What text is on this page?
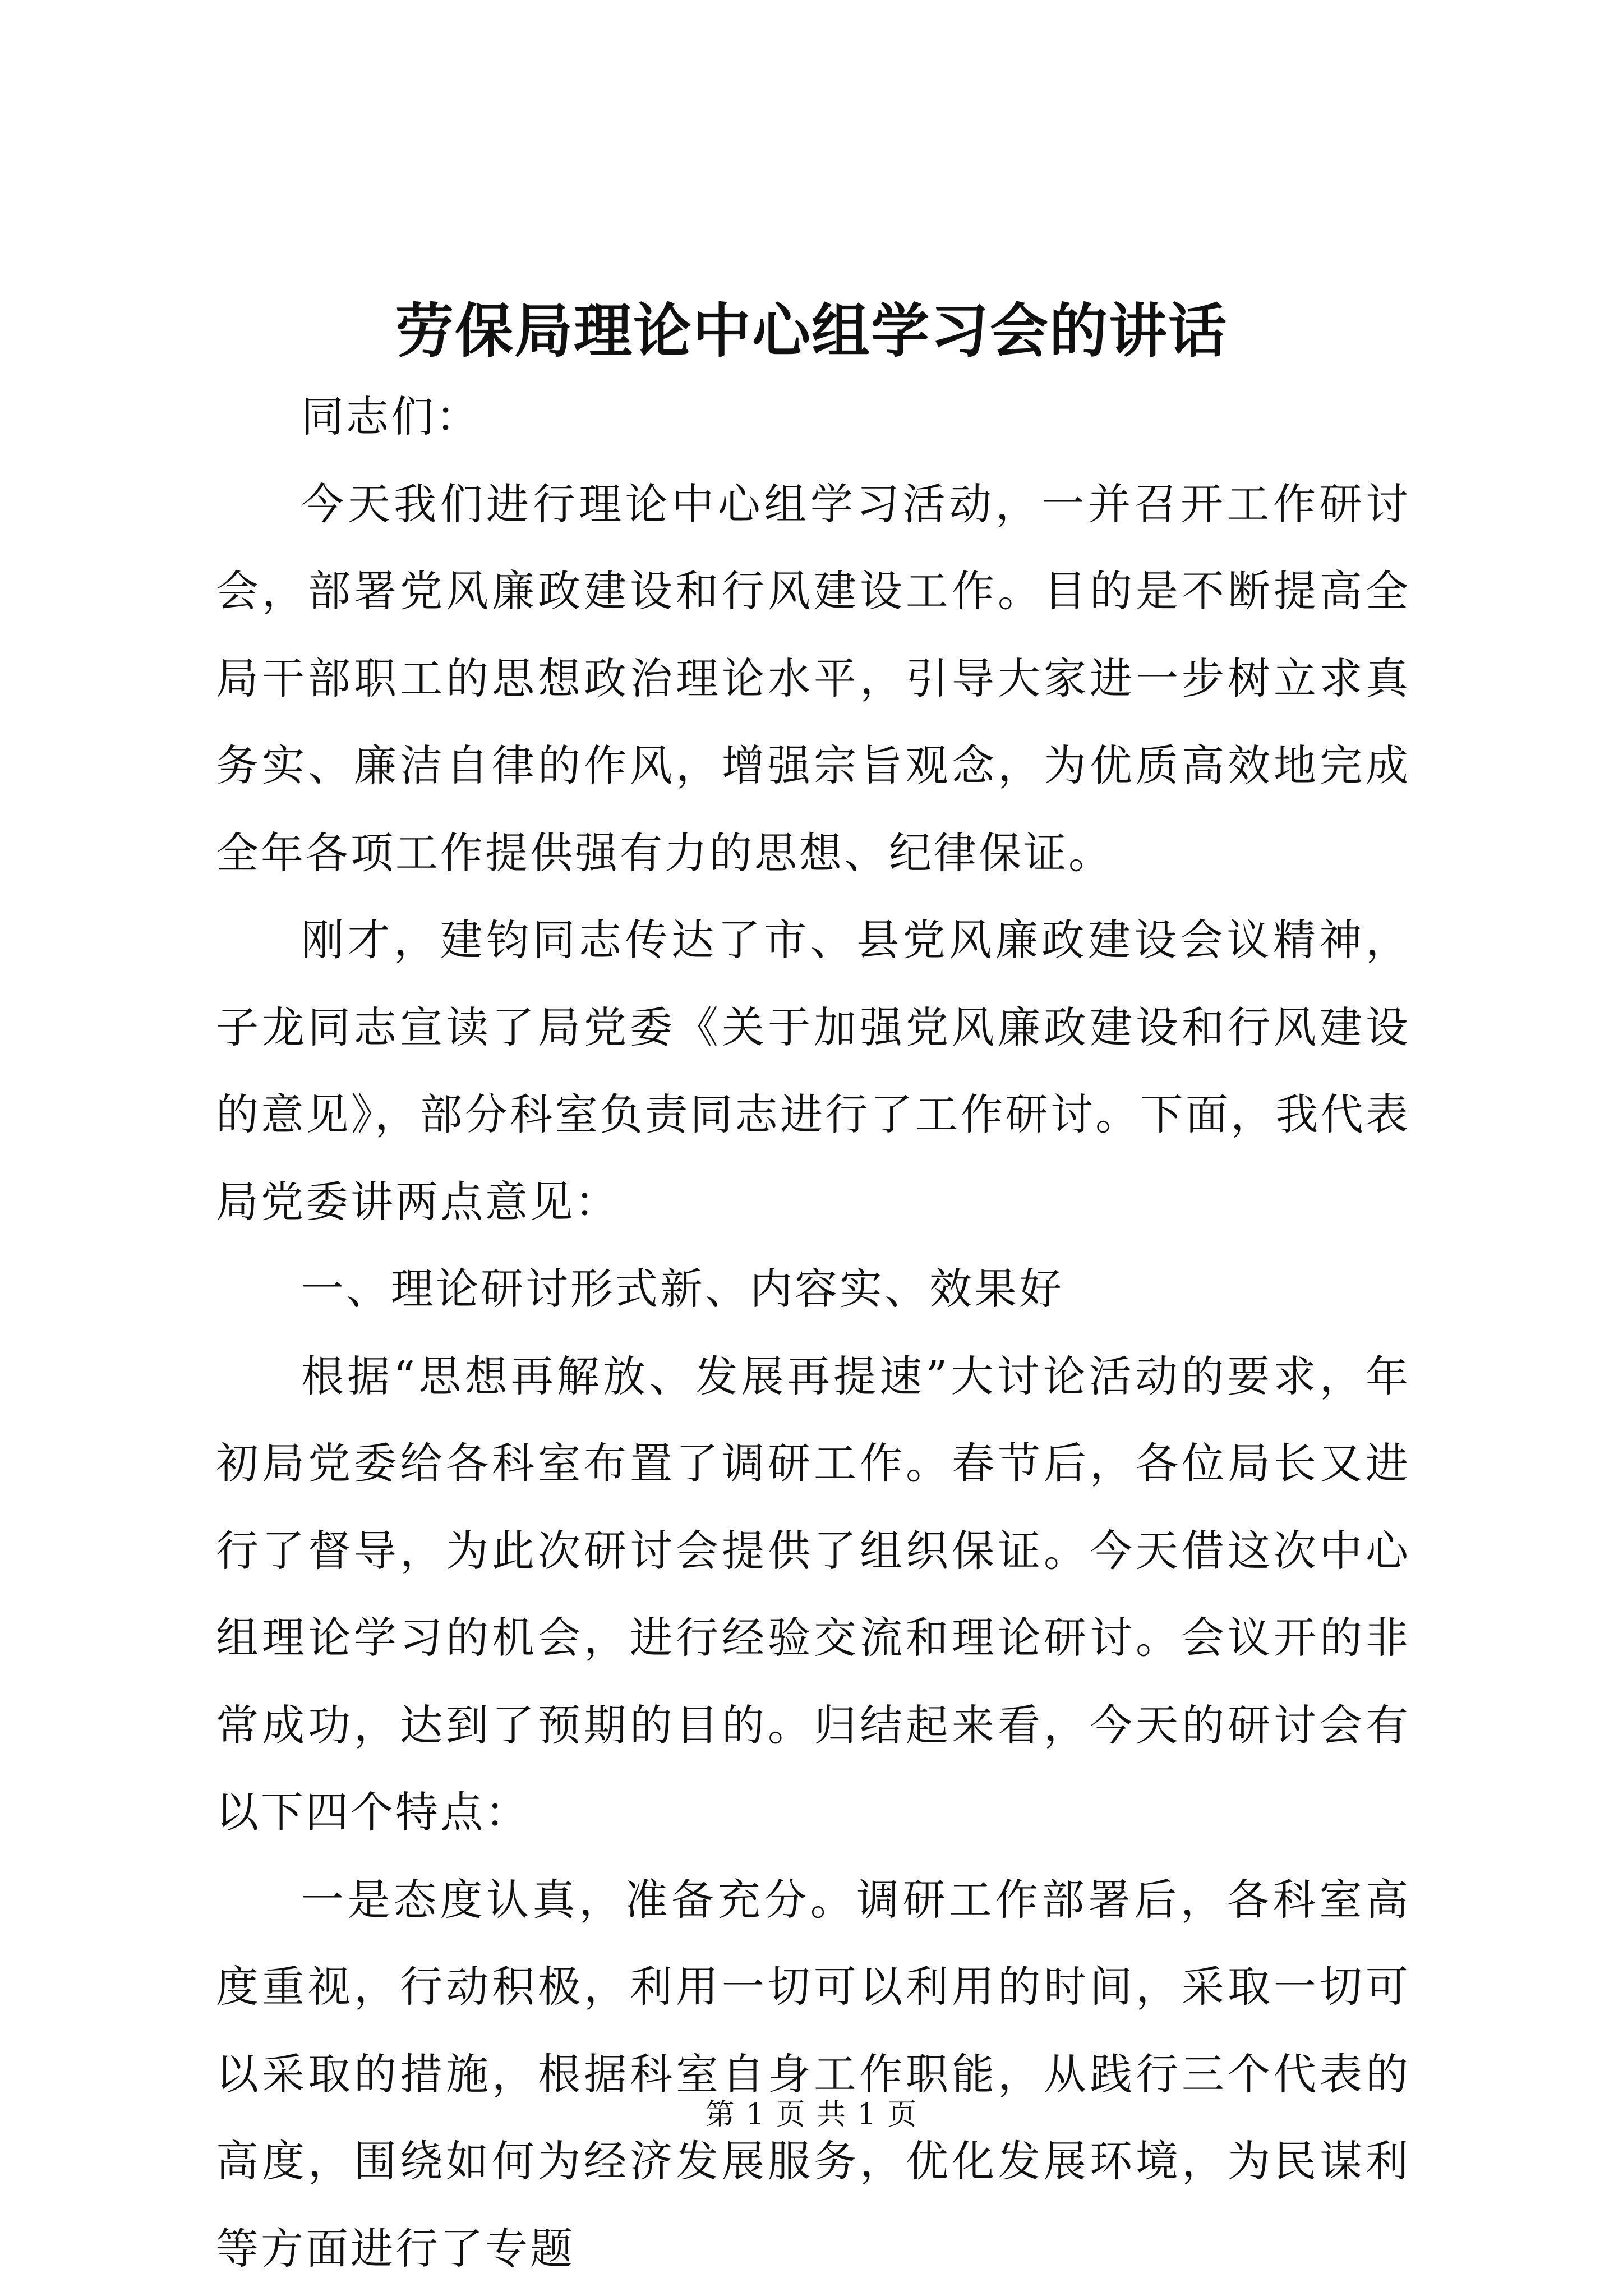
劳保局理论中心组学习会的讲话

同志们：

今天我们进行理论中心组学习活动，一并召开工作研讨会，部署党风廉政建设和行风建设工作。目的是不断提高全局干部职工的思想政治理论水平，引导大家进一步树立求真务实、廉洁自律的作风，增强宗旨观念，为优质高效地完成全年各项工作提供强有力的思想、纪律保证。

刚才，建钧同志传达了市、县党风廉政建设会议精神，子龙同志宣读了局党委《关于加强党风廉政建设和行风建设的意见》，部分科室负责同志进行了工作研讨。下面，我代表局党委讲两点意见：

一、理论研讨形式新、内容实、效果好

根据“思想再解放、发展再提速”大讨论活动的要求，年初局党委给各科室布置了调研工作。春节后，各位局长又进行了督导，为此次研讨会提供了组织保证。今天借这次中心组理论学习的机会，进行经验交流和理论研讨。会议开的非常成功，达到了预期的目的。归结起来看，今天的研讨会有以下四个特点：

一是态度认真，准备充分。调研工作部署后，各科室高度重视，行动积极，利用一切可以利用的时间，采取一切可以采取的措施，根据科室自身工作职能，从践行三个代表的高度，围绕如何为经济发展服务，优化发展环境，为民谋利等方面进行了专题

第 1 页 共 1 页
